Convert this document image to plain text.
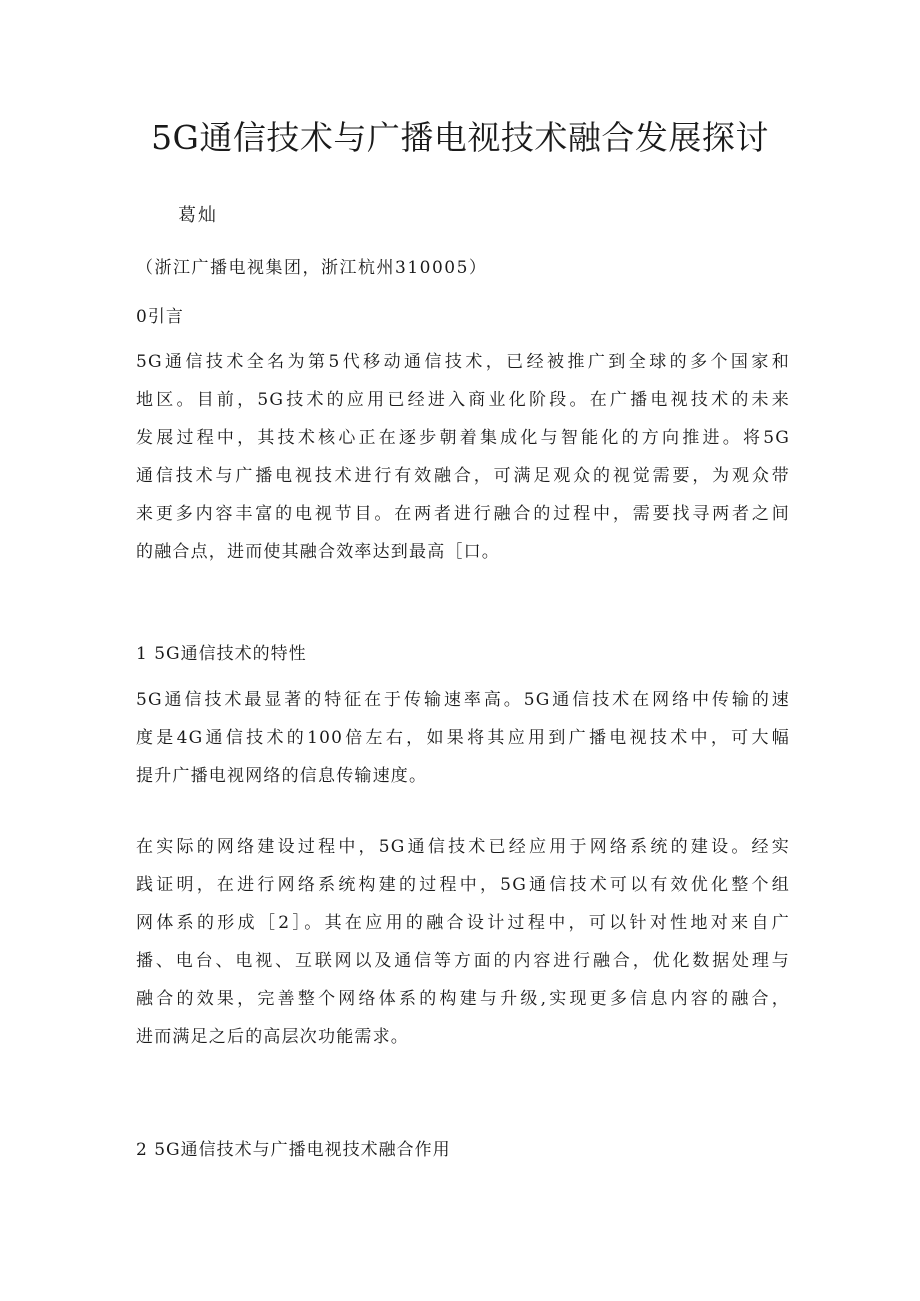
5G通信技术与广播电视技术融合发展探讨

葛灿

（浙江广播电视集团，浙江杭州310005）

0引言
5G通信技术全名为第5代移动通信技术，已经被推广到全球的多个国家和
地区。目前，5G技术的应用已经进入商业化阶段。在广播电视技术的未来
发展过程中，其技术核心正在逐步朝着集成化与智能化的方向推进。将5G
通信技术与广播电视技术进行有效融合，可满足观众的视觉需要，为观众带
来更多内容丰富的电视节目。在两者进行融合的过程中，需要找寻两者之间
的融合点，进而使其融合效率达到最高［口。
1 5G通信技术的特性
5G通信技术最显著的特征在于传输速率高。5G通信技术在网络中传输的速
度是4G通信技术的100倍左右，如果将其应用到广播电视技术中，可大幅
提升广播电视网络的信息传输速度。
在实际的网络建设过程中，5G通信技术已经应用于网络系统的建设。经实
践证明，在进行网络系统构建的过程中，5G通信技术可以有效优化整个组
网体系的形成［2］。其在应用的融合设计过程中，可以针对性地对来自广
播、电台、电视、互联网以及通信等方面的内容进行融合，优化数据处理与
融合的效果，完善整个网络体系的构建与升级,实现更多信息内容的融合，
进而满足之后的高层次功能需求。
2 5G通信技术与广播电视技术融合作用
